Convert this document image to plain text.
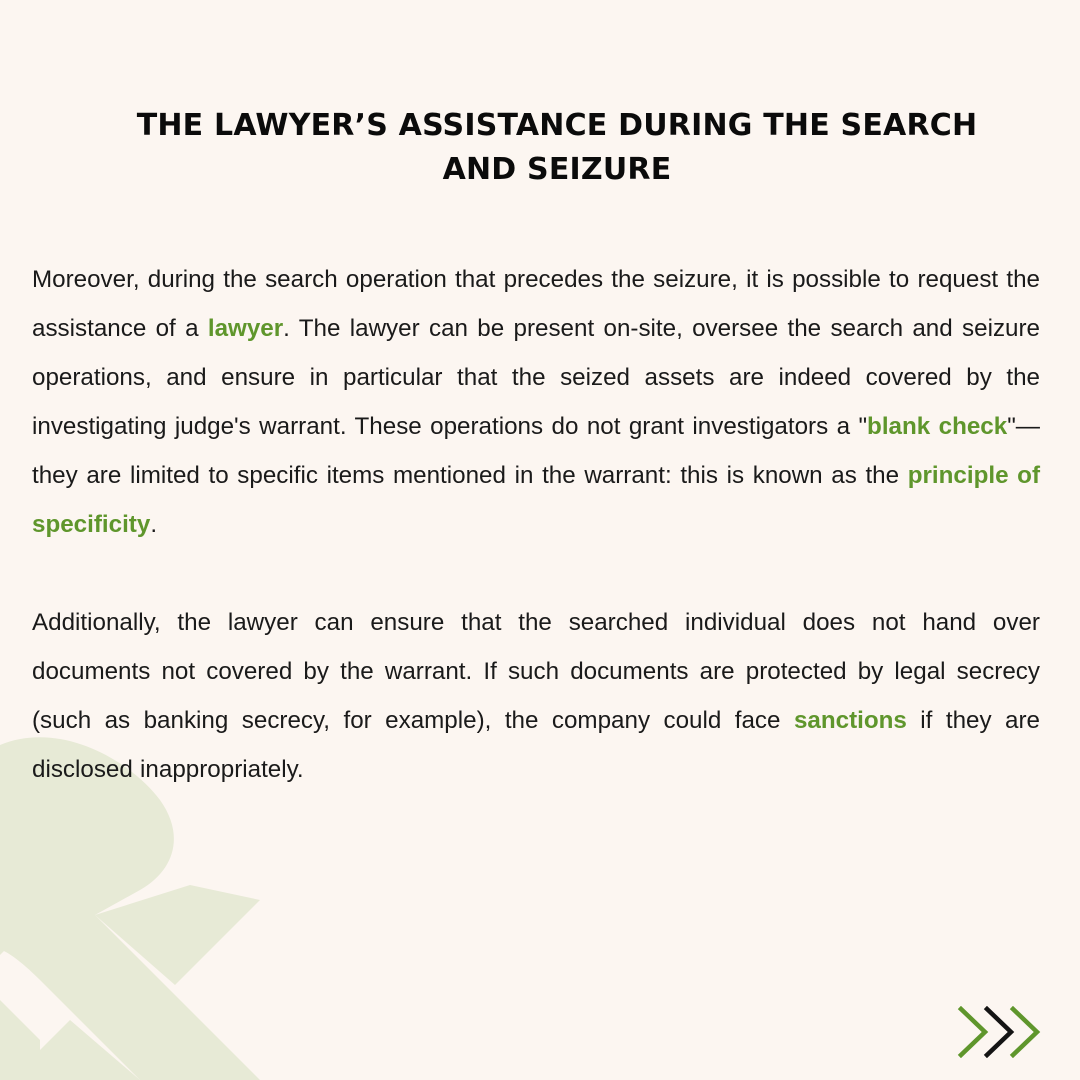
THE LAWYER’S ASSISTANCE DURING THE SEARCH AND SEIZURE

Moreover, during the search operation that precedes the seizure, it is possible to request the assistance of a lawyer. The lawyer can be present on-site, oversee the search and seizure operations, and ensure in particular that the seized assets are indeed covered by the investigating judge's warrant. These operations do not grant investigators a "blank check"—they are limited to specific items mentioned in the warrant: this is known as the principle of specificity.

Additionally, the lawyer can ensure that the searched individual does not hand over documents not covered by the warrant. If such documents are protected by legal secrecy (such as banking secrecy, for example), the company could face sanctions if they are disclosed inappropriately.
